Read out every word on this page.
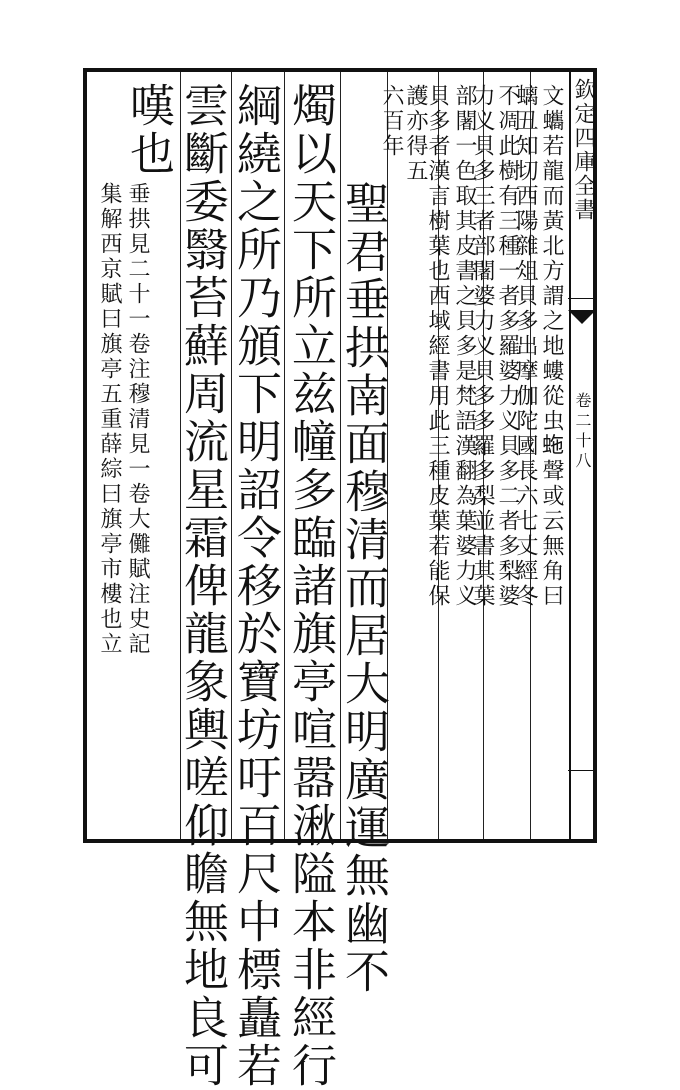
欽定四庫全書
卷二十八
文蠵若龍而黃北方謂之地螻從虫𧉮聲或云無角曰
螭丑知切西陽雜俎貝多出摩伽陀國長六七丈經冬
不凋此樹有三種一者多羅婆力义貝多二者多梨婆
力义貝多三者部闍婆力义貝多多羅多梨並書其葉
部闍一色取其皮書之貝多是梵語漢翻為葉婆力义
貝多者漢言樹葉也西域經書用此三種皮葉若能保
護亦得五
六百年
聖君垂拱南面穆清而居大明廣運無幽不
燭以天下所立兹幢多臨諸旗亭喧嚣湫隘本非經行
綱繞之所乃頒下明詔令移於寶坊吁百尺中標矗若
雲斷委翳苔蘚周流星霜俾龍象輿嗟仰瞻無地良可
嘆也
垂拱見二十一卷注穆清見一卷大儺賦注史記
集解西京賦曰旗亭五重薛綜曰旗亭市樓也立
